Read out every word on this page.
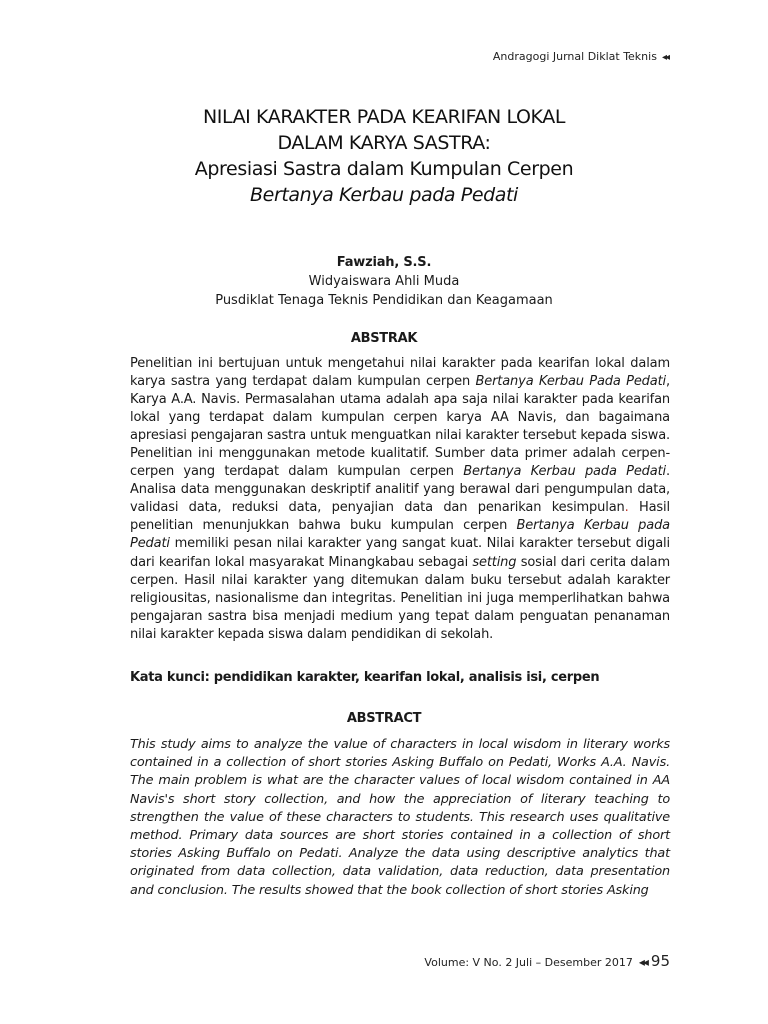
Andragogi Jurnal Diklat Teknis ◂◂
NILAI KARAKTER PADA KEARIFAN LOKAL
DALAM KARYA SASTRA:
Apresiasi Sastra dalam Kumpulan Cerpen
Bertanya Kerbau pada Pedati
Fawziah, S.S.
Widyaiswara Ahli Muda
Pusdiklat Tenaga Teknis Pendidikan dan Keagamaan
ABSTRAK
Penelitian ini bertujuan untuk mengetahui nilai karakter pada kearifan lokal dalam karya sastra yang terdapat dalam kumpulan cerpen Bertanya Kerbau Pada Pedati, Karya A.A. Navis. Permasalahan utama adalah apa saja nilai karakter pada kearifan lokal yang terdapat dalam kumpulan cerpen karya AA Navis, dan bagaimana apresiasi pengajaran sastra untuk menguatkan nilai karakter tersebut kepada siswa. Penelitian ini menggunakan metode kualitatif. Sumber data primer adalah cerpen-cerpen yang terdapat dalam kumpulan cerpen Bertanya Kerbau pada Pedati. Analisa data menggunakan deskriptif analitif yang berawal dari pengumpulan data, validasi data, reduksi data, penyajian data dan penarikan kesimpulan. Hasil penelitian menunjukkan bahwa buku kumpulan cerpen Bertanya Kerbau pada Pedati memiliki pesan nilai karakter yang sangat kuat. Nilai karakter tersebut digali dari kearifan lokal masyarakat Minangkabau sebagai setting sosial dari cerita dalam cerpen. Hasil nilai karakter yang ditemukan dalam buku tersebut adalah karakter religiousitas, nasionalisme dan integritas. Penelitian ini juga memperlihatkan bahwa pengajaran sastra bisa menjadi medium yang tepat dalam penguatan penanaman nilai karakter kepada siswa dalam pendidikan di sekolah.
Kata kunci: pendidikan karakter, kearifan lokal, analisis isi, cerpen
ABSTRACT
This study aims to analyze the value of characters in local wisdom in literary works contained in a collection of short stories Asking Buffalo on Pedati, Works A.A. Navis. The main problem is what are the character values of local wisdom contained in AA Navis's short story collection, and how the appreciation of literary teaching to strengthen the value of these characters to students. This research uses qualitative method. Primary data sources are short stories contained in a collection of short stories Asking Buffalo on Pedati. Analyze the data using descriptive analytics that originated from data collection, data validation, data reduction, data presentation and conclusion. The results showed that the book collection of short stories Asking
Volume: V No. 2 Juli – Desember 2017 ◂◂ 95
